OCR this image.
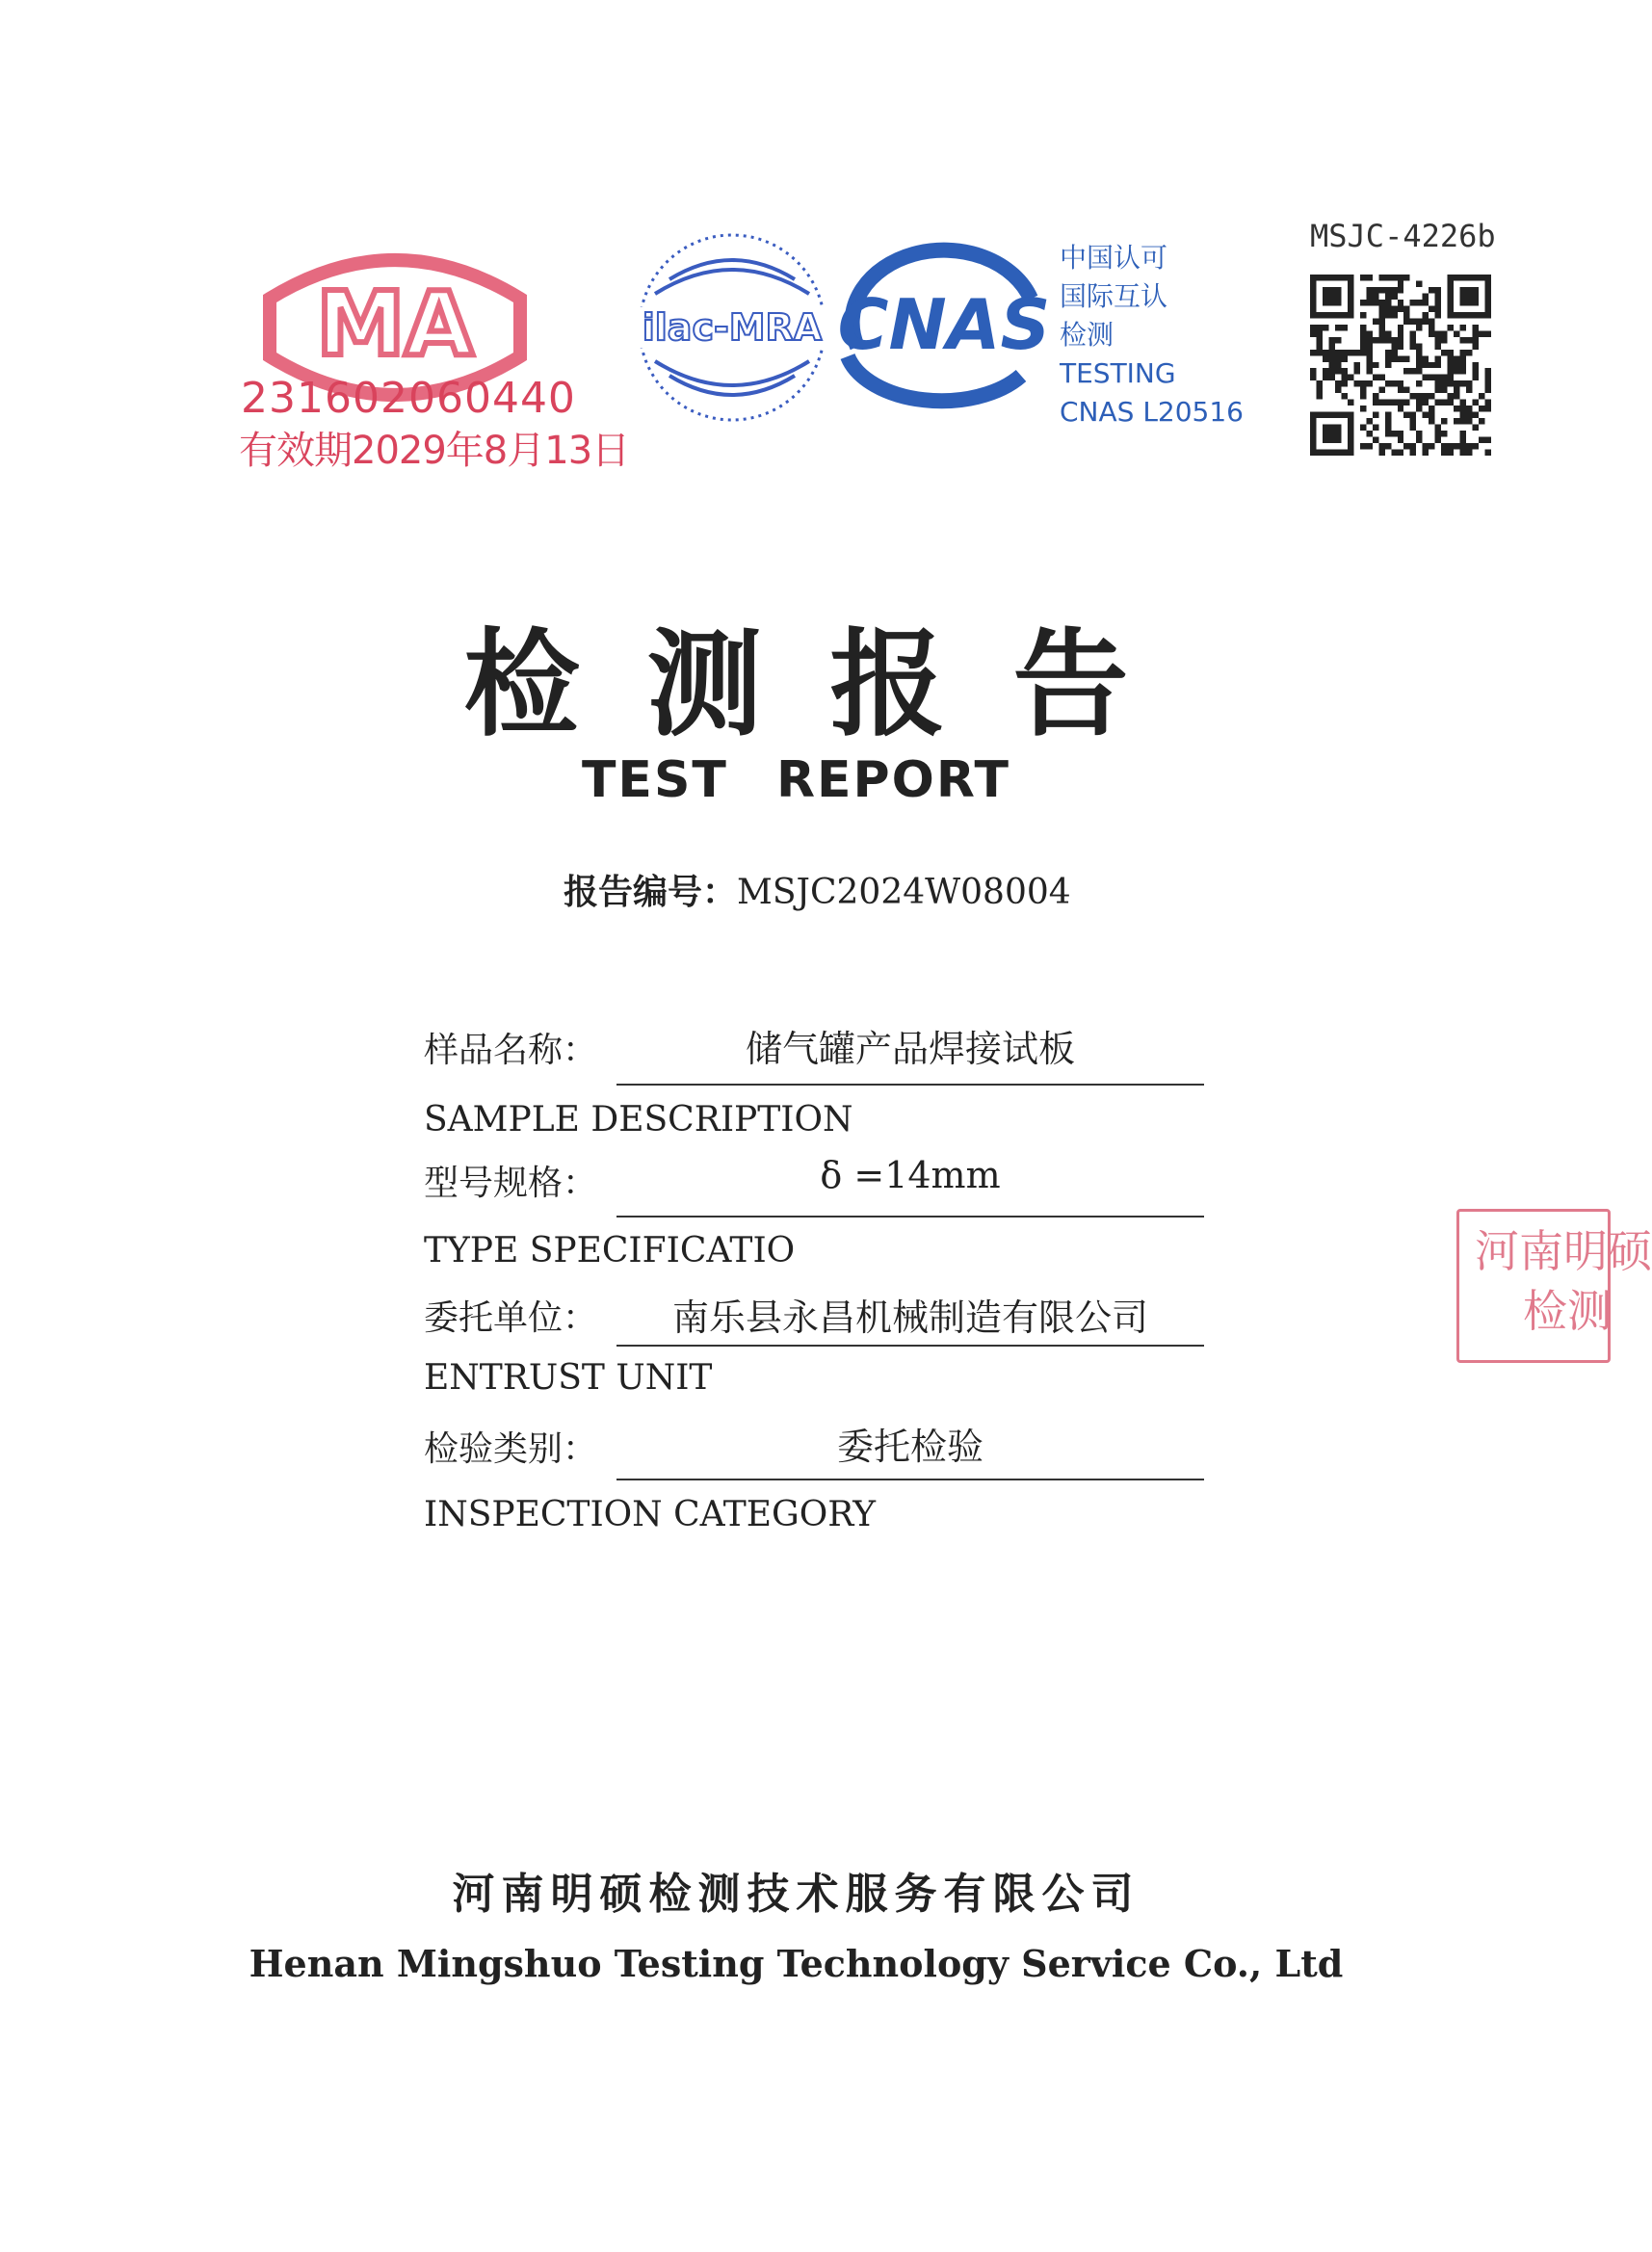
MA
231602060440
有效期2029年8月13日
ilac-MRA CNAS
中国认可
国际互认
检测
TESTING
CNAS L20516
MSJC-4226b
检测报告
TEST REPORT
报告编号：MSJC2024W08004
样品名称：	储气罐产品焊接试板
SAMPLE DESCRIPTION
型号规格：	δ =14mm
TYPE SPECIFICATIO
委托单位：	南乐县永昌机械制造有限公司
ENTRUST UNIT
检验类别：	委托检验
INSPECTION CATEGORY
河南明硕
检测
河南明硕检测技术服务有限公司
Henan Mingshuo Testing Technology Service Co., Ltd
